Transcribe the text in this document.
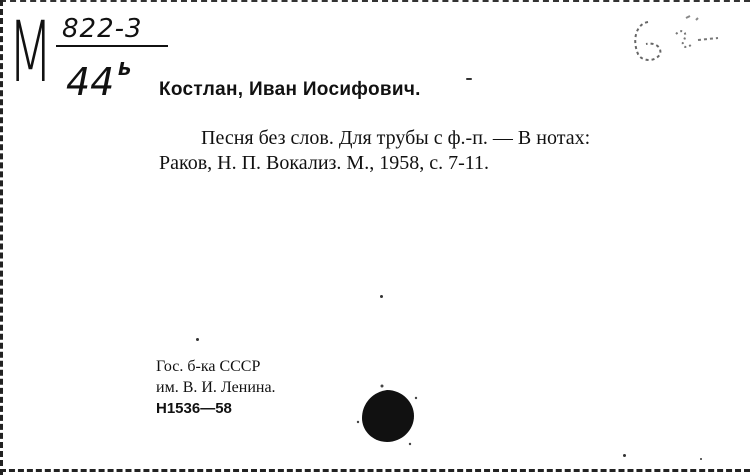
М 822-3
44 Ь
Костлан, Иван Иосифович.
Песня без слов. Для трубы с ф.-п. — В нотах:
Раков, Н. П. Вокализ. М., 1958, с. 7-11.
Гос. б-ка СССР
им. В. И. Ленина.
Н1536—58
